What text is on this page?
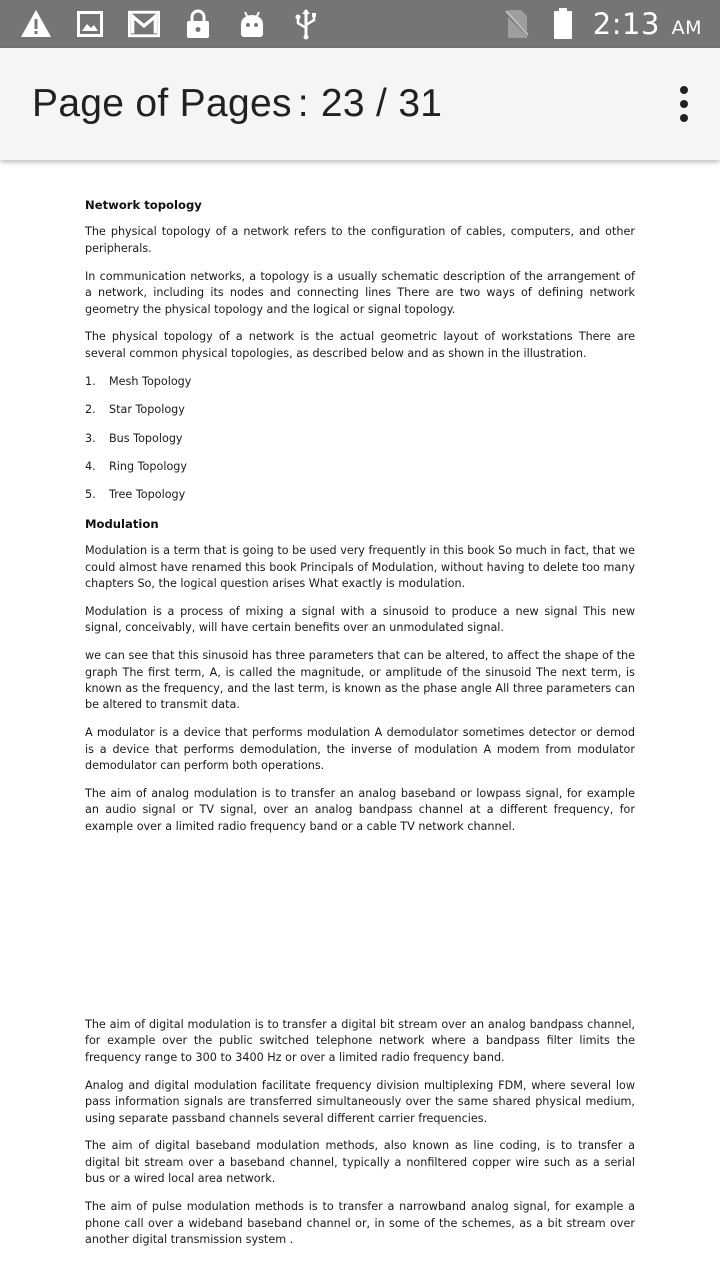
2:13 AM
Page of Pages : 23 / 31
Network topology

The physical topology of a network refers to the configuration of cables, computers, and other peripherals.

In communication networks, a topology is a usually schematic description of the arrangement of a network, including its nodes and connecting lines There are two ways of defining network geometry the physical topology and the logical or signal topology.

The physical topology of a network is the actual geometric layout of workstations There are several common physical topologies, as described below and as shown in the illustration.

1.	Mesh Topology
2.	Star Topology
3.	Bus Topology
4.	Ring Topology
5.	Tree Topology
Modulation

Modulation is a term that is going to be used very frequently in this book So much in fact, that we could almost have renamed this book Principals of Modulation, without having to delete too many chapters So, the logical question arises What exactly is modulation.

Modulation is a process of mixing a signal with a sinusoid to produce a new signal This new signal, conceivably, will have certain benefits over an unmodulated signal.

we can see that this sinusoid has three parameters that can be altered, to affect the shape of the graph The first term, A, is called the magnitude, or amplitude of the sinusoid The next term, is known as the frequency, and the last term, is known as the phase angle All three parameters can be altered to transmit data.

A modulator is a device that performs modulation A demodulator sometimes detector or demod is a device that performs demodulation, the inverse of modulation A modem from modulator demodulator can perform both operations.

The aim of analog modulation is to transfer an analog baseband or lowpass signal, for example an audio signal or TV signal, over an analog bandpass channel at a different frequency, for example over a limited radio frequency band or a cable TV network channel.

The aim of digital modulation is to transfer a digital bit stream over an analog bandpass channel, for example over the public switched telephone network where a bandpass filter limits the frequency range to 300 to 3400 Hz or over a limited radio frequency band.

Analog and digital modulation facilitate frequency division multiplexing FDM, where several low pass information signals are transferred simultaneously over the same shared physical medium, using separate passband channels several different carrier frequencies.

The aim of digital baseband modulation methods, also known as line coding, is to transfer a digital bit stream over a baseband channel, typically a nonfiltered copper wire such as a serial bus or a wired local area network.

The aim of pulse modulation methods is to transfer a narrowband analog signal, for example a phone call over a wideband baseband channel or, in some of the schemes, as a bit stream over another digital transmission system .
